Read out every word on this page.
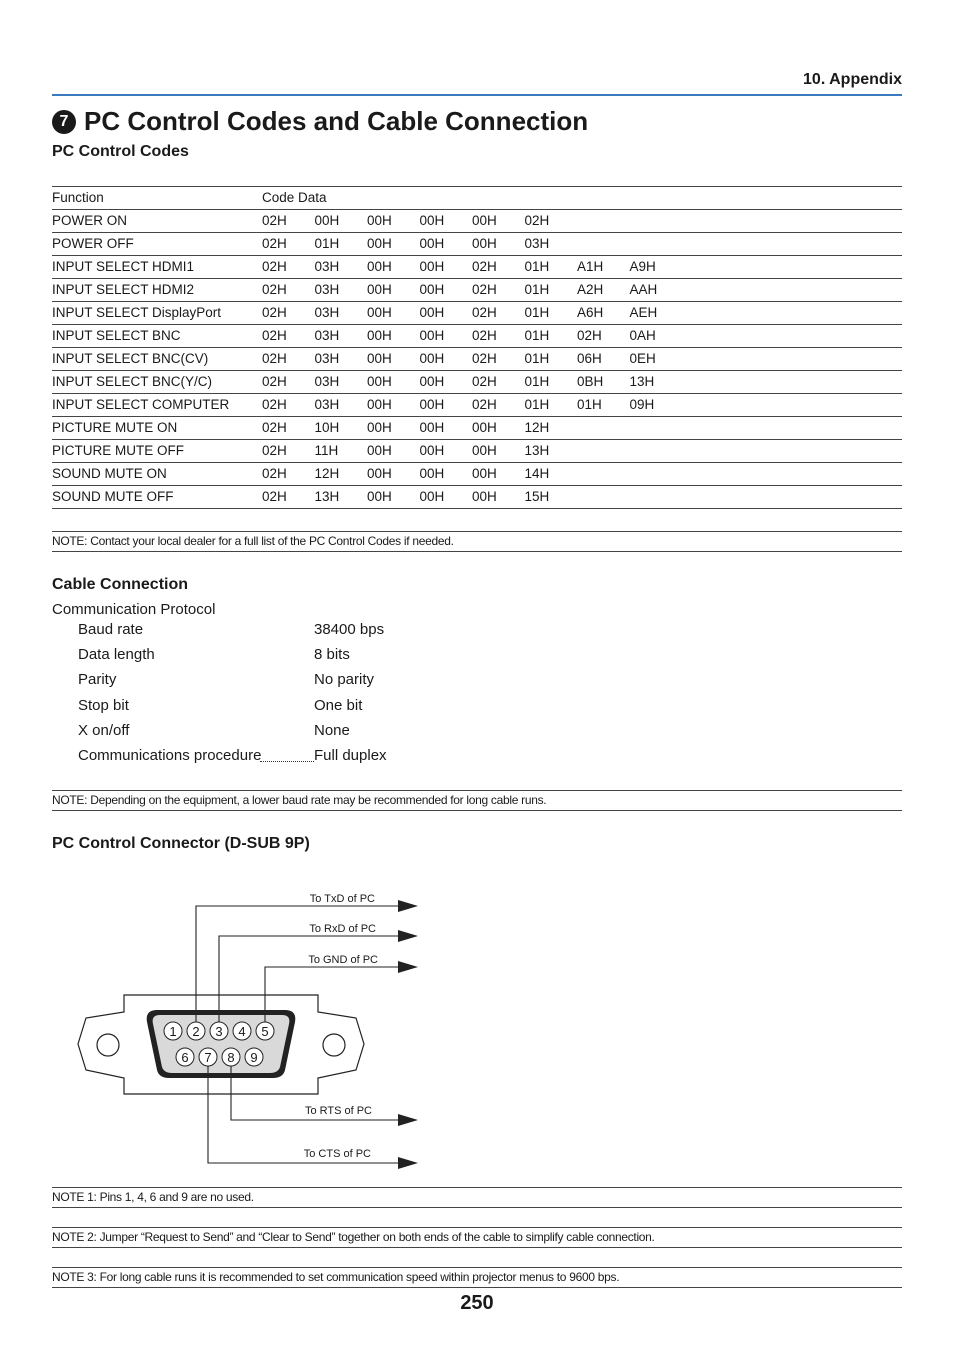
10. Appendix
7 PC Control Codes and Cable Connection
PC Control Codes
Function	Code Data								
POWER ON	02H	00H	00H	00H	00H	02H			
POWER OFF	02H	01H	00H	00H	00H	03H			
INPUT SELECT HDMI1	02H	03H	00H	00H	02H	01H	A1H	A9H	
INPUT SELECT HDMI2	02H	03H	00H	00H	02H	01H	A2H	AAH	
INPUT SELECT DisplayPort	02H	03H	00H	00H	02H	01H	A6H	AEH	
INPUT SELECT BNC	02H	03H	00H	00H	02H	01H	02H	0AH	
INPUT SELECT BNC(CV)	02H	03H	00H	00H	02H	01H	06H	0EH	
INPUT SELECT BNC(Y/C)	02H	03H	00H	00H	02H	01H	0BH	13H	
INPUT SELECT COMPUTER	02H	03H	00H	00H	02H	01H	01H	09H	
PICTURE MUTE ON	02H	10H	00H	00H	00H	12H			
PICTURE MUTE OFF	02H	11H	00H	00H	00H	13H			
SOUND MUTE ON	02H	12H	00H	00H	00H	14H			
SOUND MUTE OFF	02H	13H	00H	00H	00H	15H			
NOTE: Contact your local dealer for a full list of the PC Control Codes if needed.
Cable Connection
Communication Protocol
Baud rate	38400 bps
Data length	8 bits
Parity	No parity
Stop bit	One bit
X on/off	None
Communications procedure	Full duplex
NOTE: Depending on the equipment, a lower baud rate may be recommended for long cable runs.
PC Control Connector (D-SUB 9P)
1 2 3 4 5
6 7 8 9
To TxD of PC
To RxD of PC
To GND of PC
To RTS of PC
To CTS of PC
NOTE 1: Pins 1, 4, 6 and 9 are no used.
NOTE 2: Jumper “Request to Send” and “Clear to Send” together on both ends of the cable to simplify cable connection.
NOTE 3: For long cable runs it is recommended to set communication speed within projector menus to 9600 bps.
250
